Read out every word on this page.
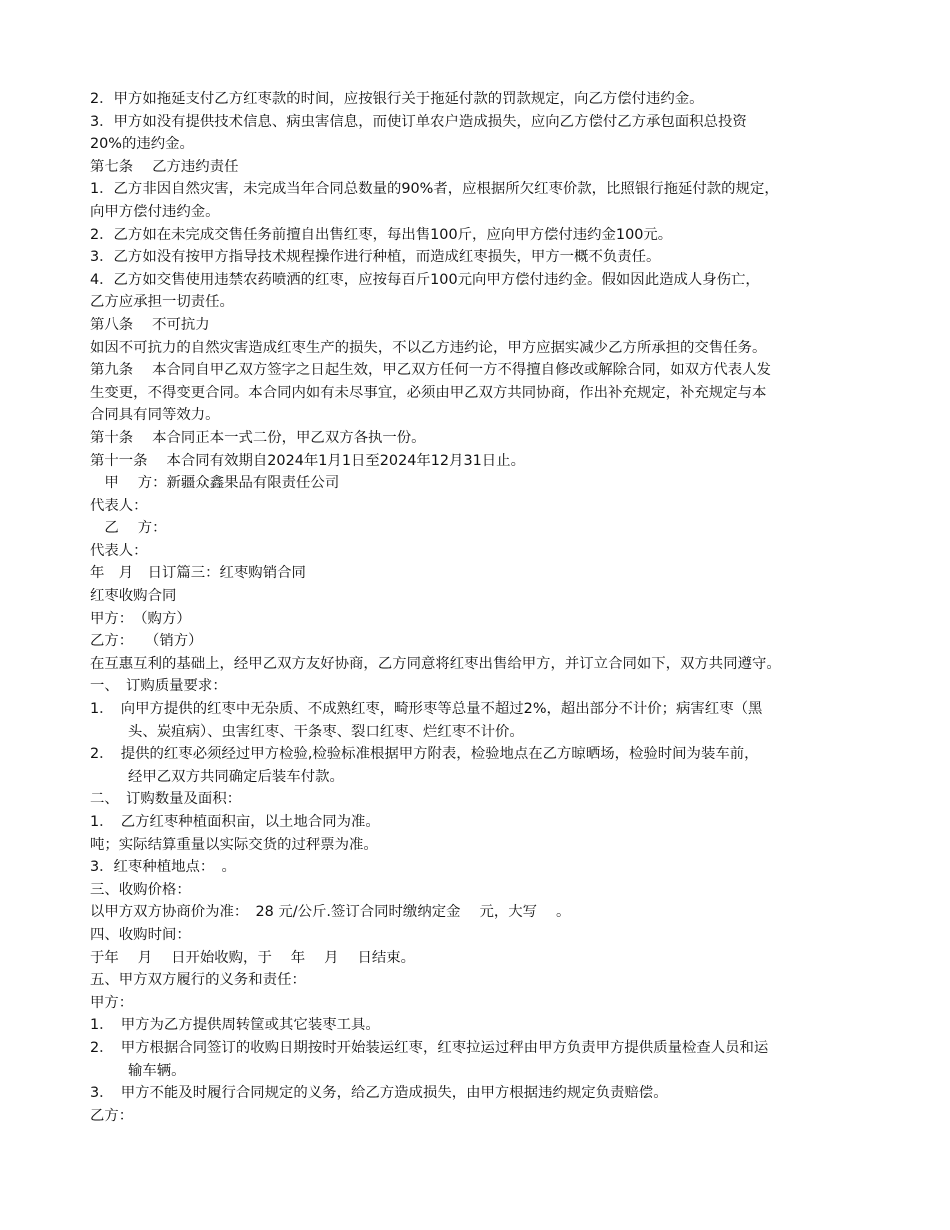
2．甲方如拖延支付乙方红枣款的时间，应按银行关于拖延付款的罚款规定，向乙方偿付违约金。
3．甲方如没有提供技术信息、病虫害信息，而使订单农户造成损失，应向乙方偿付乙方承包面积总投资
20%的违约金。
第七条　 乙方违约责任
1．乙方非因自然灾害，未完成当年合同总数量的90%者，应根据所欠红枣价款，比照银行拖延付款的规定，
向甲方偿付违约金。
2．乙方如在未完成交售任务前擅自出售红枣，每出售100斤，应向甲方偿付违约金100元。
3．乙方如没有按甲方指导技术规程操作进行种植，而造成红枣损失，甲方一概不负责任。
4．乙方如交售使用违禁农药喷洒的红枣，应按每百斤100元向甲方偿付违约金。假如因此造成人身伤亡，
乙方应承担一切责任。
第八条　 不可抗力
如因不可抗力的自然灾害造成红枣生产的损失，不以乙方违约论，甲方应据实减少乙方所承担的交售任务。
第九条　 本合同自甲乙双方签字之日起生效，甲乙双方任何一方不得擅自修改或解除合同，如双方代表人发
生变更，不得变更合同。本合同内如有未尽事宜，必须由甲乙双方共同协商，作出补充规定，补充规定与本
合同具有同等效力。
第十条　 本合同正本一式二份，甲乙双方各执一份。
第十一条　 本合同有效期自2024年1月1日至2024年12月31日止。
　甲　 方：新疆众鑫果品有限责任公司
代表人：
　乙　 方：
代表人：
年　月　日订篇三：红枣购销合同
红枣收购合同
甲方：　（购方）
乙方：　 （销方）
在互惠互利的基础上，经甲乙双方友好协商，乙方同意将红枣出售给甲方，并订立合同如下，双方共同遵守。
一、　订购质量要求：
1．　向甲方提供的红枣中无杂质、不成熟红枣，畸形枣等总量不超过2%，超出部分不计价；病害红枣（黑
头、炭疽病）、虫害红枣、干条枣、裂口红枣、烂红枣不计价。
2．　提供的红枣必须经过甲方检验,检验标准根据甲方附表，检验地点在乙方晾晒场，检验时间为装车前，
经甲乙双方共同确定后装车付款。
二、　订购数量及面积：
1．　乙方红枣种植面积亩，以土地合同为准。
吨；实际结算重量以实际交货的过秤票为准。
3．红枣种植地点：　。
三、收购价格：
以甲方双方协商价为准：　28 元/公斤.签订合同时缴纳定金　 元，大写　 。
四、收购时间：
于年　 月　 日开始收购，于　 年　 月　 日结束。
五、甲方双方履行的义务和责任：
甲方：
1．　甲方为乙方提供周转筐或其它装枣工具。
2．　甲方根据合同签订的收购日期按时开始装运红枣，红枣拉运过秤由甲方负责甲方提供质量检查人员和运
输车辆。
3．　甲方不能及时履行合同规定的义务，给乙方造成损失，由甲方根据违约规定负责赔偿。
乙方：
